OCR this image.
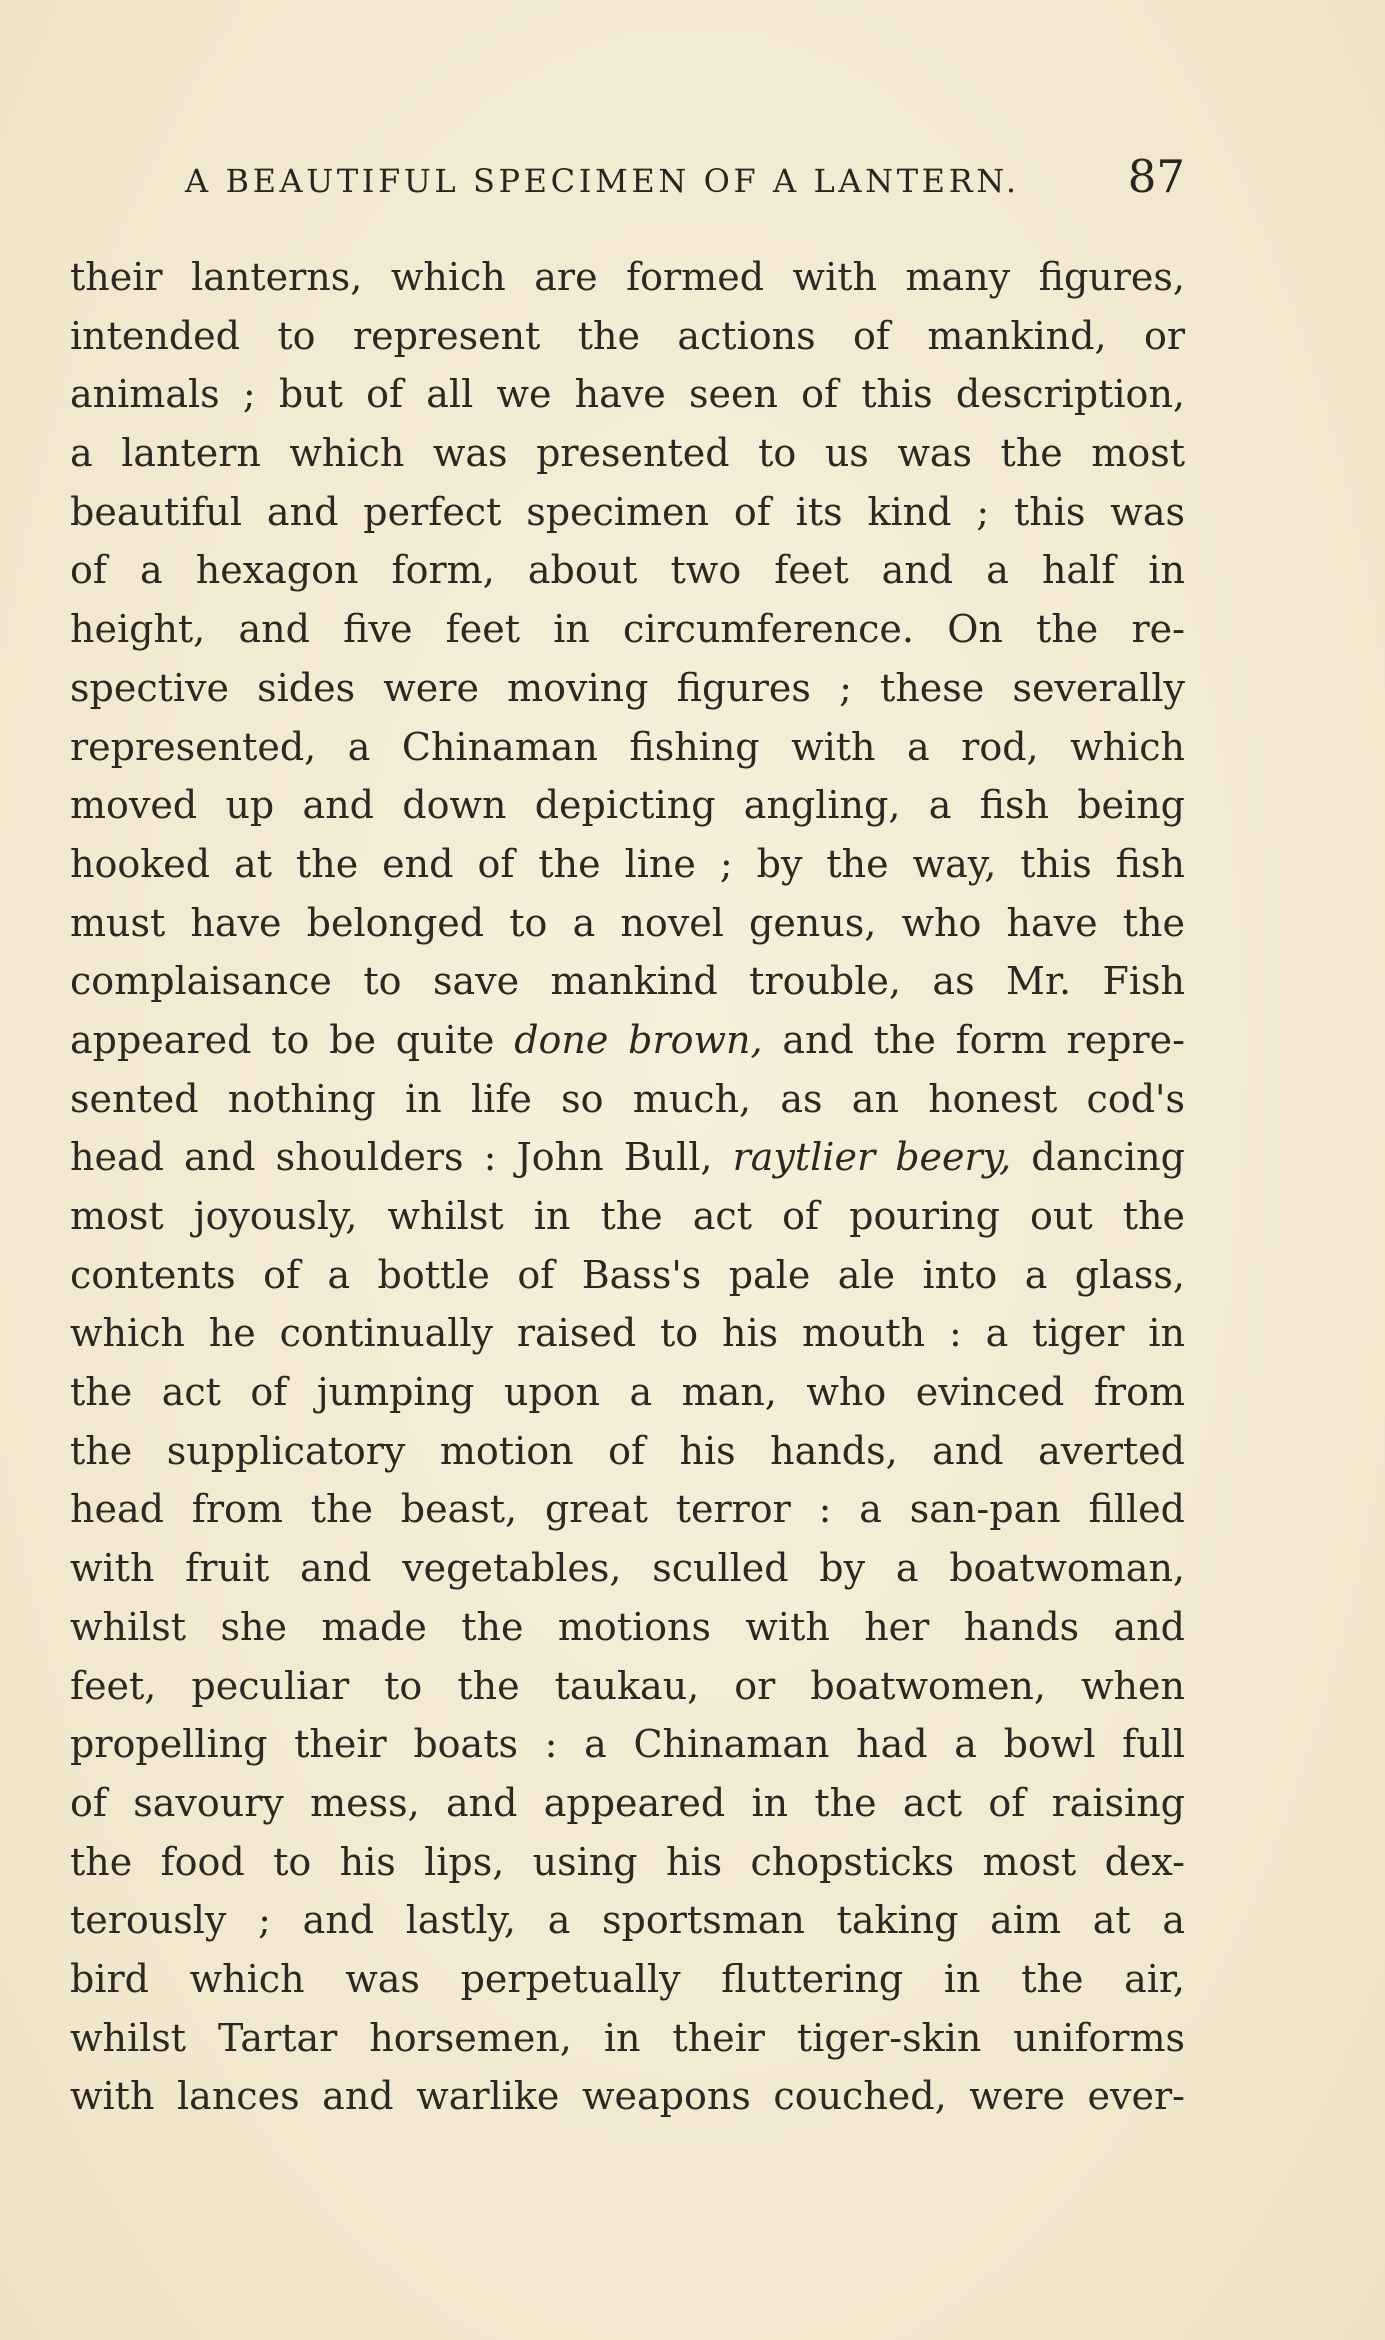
A BEAUTIFUL SPECIMEN OF A LANTERN. 87
their lanterns, which are formed with many figures,
intended to represent the actions of mankind, or
animals ; but of all we have seen of this description,
a lantern which was presented to us was the most
beautiful and perfect specimen of its kind ; this was
of a hexagon form, about two feet and a half in
height, and five feet in circumference. On the re-
spective sides were moving figures ; these severally
represented, a Chinaman fishing with a rod, which
moved up and down depicting angling, a fish being
hooked at the end of the line ; by the way, this fish
must have belonged to a novel genus, who have the
complaisance to save mankind trouble, as Mr. Fish
appeared to be quite done brown, and the form repre-
sented nothing in life so much, as an honest cod's
head and shoulders : John Bull, raytlier beery, dancing
most joyously, whilst in the act of pouring out the
contents of a bottle of Bass's pale ale into a glass,
which he continually raised to his mouth : a tiger in
the act of jumping upon a man, who evinced from
the supplicatory motion of his hands, and averted
head from the beast, great terror : a san-pan filled
with fruit and vegetables, sculled by a boatwoman,
whilst she made the motions with her hands and
feet, peculiar to the taukau, or boatwomen, when
propelling their boats : a Chinaman had a bowl full
of savoury mess, and appeared in the act of raising
the food to his lips, using his chopsticks most dex-
terously ; and lastly, a sportsman taking aim at a
bird which was perpetually fluttering in the air,
whilst Tartar horsemen, in their tiger-skin uniforms
with lances and warlike weapons couched, were ever-
